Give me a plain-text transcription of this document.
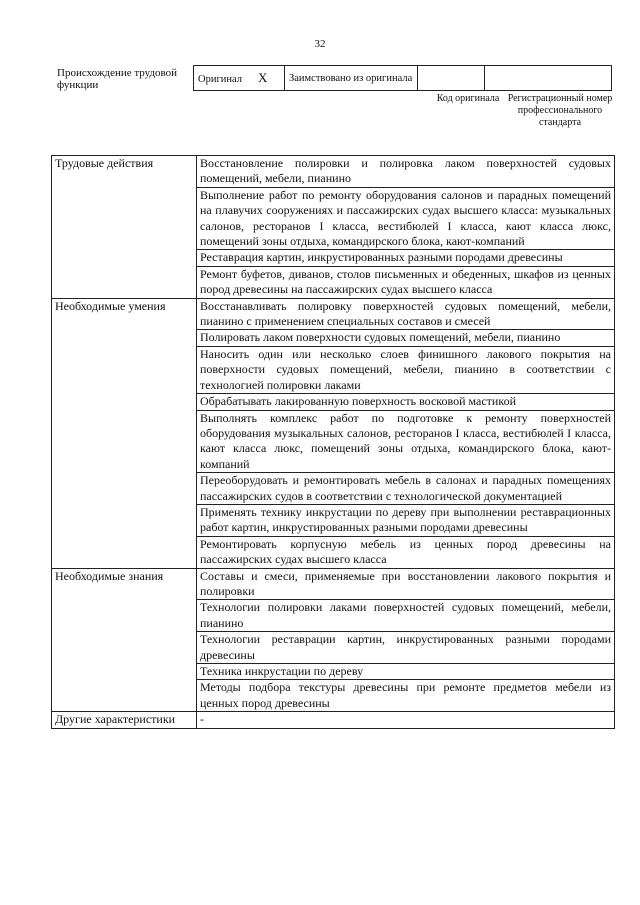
32
Происхождение трудовой функции	Оригинал X	Заимствовано из оригинала		
Код оригинала Регистрационный номер профессионального стандарта
Трудовые действия	Восстановление полировки и полировка лаком поверхностей судовых помещений, мебели, пианино
	Выполнение работ по ремонту оборудования салонов и парадных помещений на плавучих сооружениях и пассажирских судах высшего класса: музыкальных салонов, ресторанов I класса, вестибюлей I класса, кают класса люкс, помещений зоны отдыха, командирского блока, кают-компаний
	Реставрация картин, инкрустированных разными породами древесины
	Ремонт буфетов, диванов, столов письменных и обеденных, шкафов из ценных пород древесины на пассажирских судах высшего класса
Необходимые умения	Восстанавливать полировку поверхностей судовых помещений, мебели, пианино с применением специальных составов и смесей
	Полировать лаком поверхности судовых помещений, мебели, пианино
	Наносить один или несколько слоев финишного лакового покрытия на поверхности судовых помещений, мебели, пианино в соответствии с технологией полировки лаками
	Обрабатывать лакированную поверхность восковой мастикой
	Выполнять комплекс работ по подготовке к ремонту поверхностей оборудования музыкальных салонов, ресторанов I класса, вестибюлей I класса, кают класса люкс, помещений зоны отдыха, командирского блока, кают-компаний
	Переоборудовать и ремонтировать мебель в салонах и парадных помещениях пассажирских судов в соответствии с технологической документацией
	Применять технику инкрустации по дереву при выполнении реставрационных работ картин, инкрустированных разными породами древесины
	Ремонтировать корпусную мебель из ценных пород древесины на пассажирских судах высшего класса
Необходимые знания	Составы и смеси, применяемые при восстановлении лакового покрытия и полировки
	Технологии полировки лаками поверхностей судовых помещений, мебели, пианино
	Технологии реставрации картин, инкрустированных разными породами древесины
	Техника инкрустации по дереву
	Методы подбора текстуры древесины при ремонте предметов мебели из ценных пород древесины
Другие характеристики	-
